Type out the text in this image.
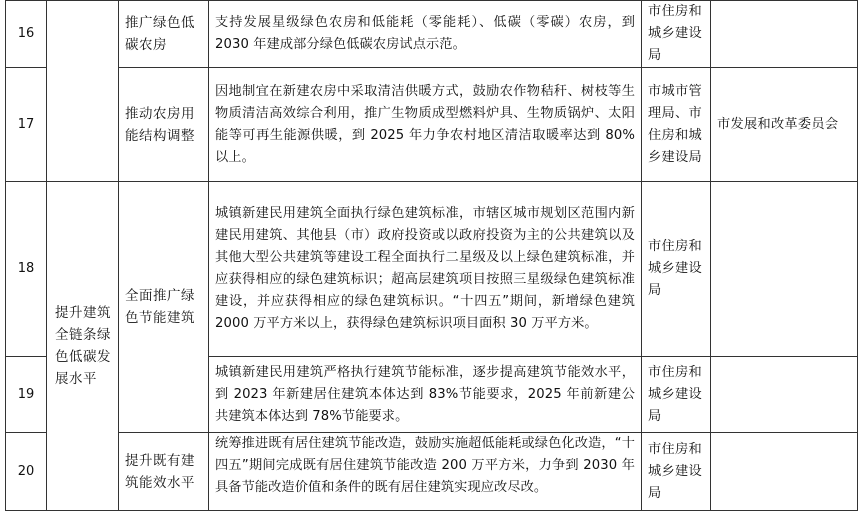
16		推广绿色低碳农房	支持发展星级绿色农房和低能耗（零能耗）、低碳（零碳）农房，到 2030 年建成部分绿色低碳农房试点示范。	市住房和城乡建设局	
17		推动农房用能结构调整	因地制宜在新建农房中采取清洁供暖方式，鼓励农作物秸秆、树枝等生物质清洁高效综合利用，推广生物质成型燃料炉具、生物质锅炉、太阳能等可再生能源供暖，到 2025 年力争农村地区清洁取暖率达到 80%以上。	市城市管理局、市住房和城乡建设局	市发展和改革委员会
18	提升建筑全链条绿色低碳发展水平	全面推广绿色节能建筑	城镇新建民用建筑全面执行绿色建筑标准，市辖区城市规划区范围内新建民用建筑、其他县（市）政府投资或以政府投资为主的公共建筑以及其他大型公共建筑等建设工程全面执行二星级及以上绿色建筑标准，并应获得相应的绿色建筑标识；超高层建筑项目按照三星级绿色建筑标准建设，并应获得相应的绿色建筑标识。“十四五”期间，新增绿色建筑 2000 万平方米以上，获得绿色建筑标识项目面积 30 万平方米。	市住房和城乡建设局	
19			城镇新建民用建筑严格执行建筑节能标准，逐步提高建筑节能效水平，到 2023 年新建居住建筑本体达到 83%节能要求，2025 年前新建公共建筑本体达到 78%节能要求。	市住房和城乡建设局	
20		提升既有建筑能效水平	统筹推进既有居住建筑节能改造，鼓励实施超低能耗或绿色化改造，“十四五”期间完成既有居住建筑节能改造 200 万平方米，力争到 2030 年具备节能改造价值和条件的既有居住建筑实现应改尽改。	市住房和城乡建设局	
